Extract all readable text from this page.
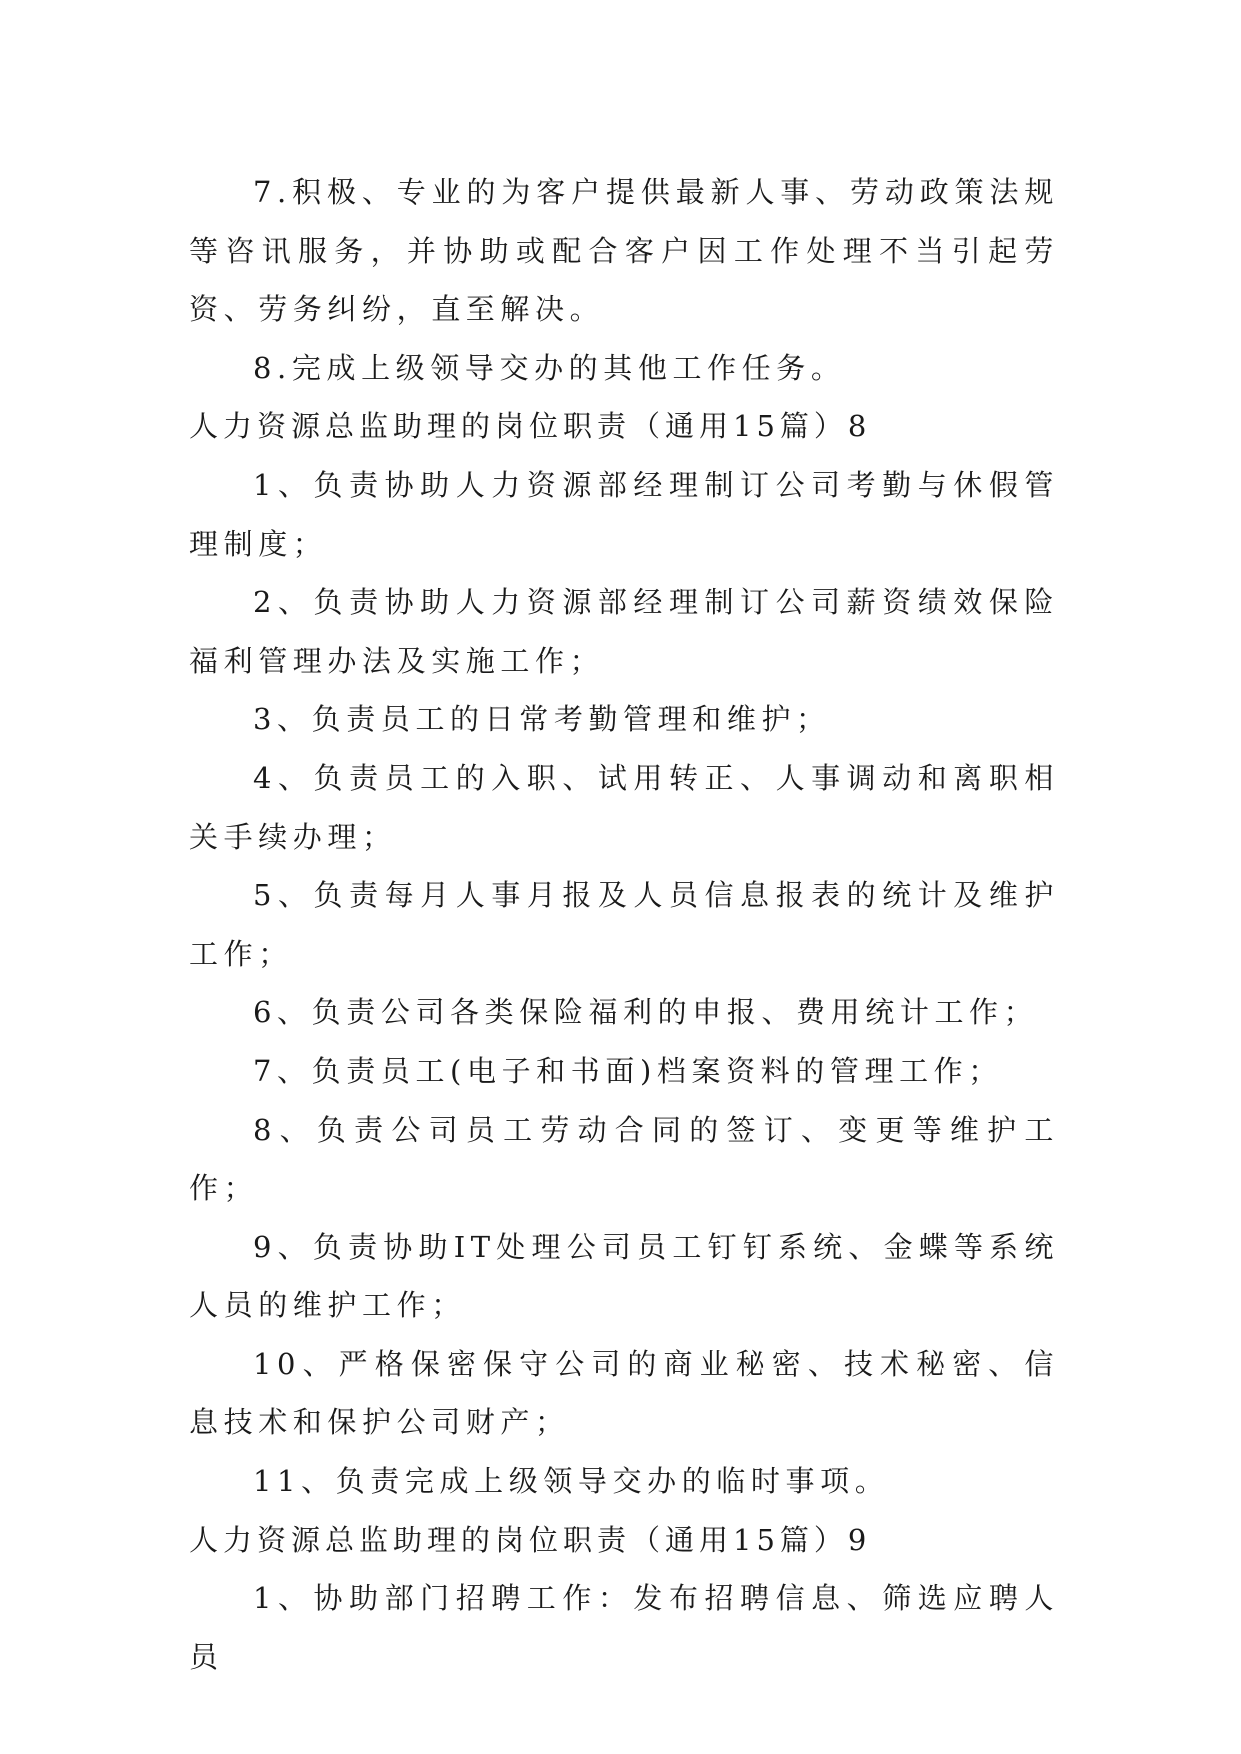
7.积极、专业的为客户提供最新人事、劳动政策法规等咨讯服务，并协助或配合客户因工作处理不当引起劳资、劳务纠纷，直至解决。

8.完成上级领导交办的其他工作任务。

人力资源总监助理的岗位职责（通用15篇）8

1、负责协助人力资源部经理制订公司考勤与休假管理制度；

2、负责协助人力资源部经理制订公司薪资绩效保险福利管理办法及实施工作；

3、负责员工的日常考勤管理和维护；

4、负责员工的入职、试用转正、人事调动和离职相关手续办理；

5、负责每月人事月报及人员信息报表的统计及维护工作；

6、负责公司各类保险福利的申报、费用统计工作；

7、负责员工(电子和书面)档案资料的管理工作；

8、负责公司员工劳动合同的签订、变更等维护工作；

9、负责协助IT处理公司员工钉钉系统、金蝶等系统人员的维护工作；

10、严格保密保守公司的商业秘密、技术秘密、信息技术和保护公司财产；

11、负责完成上级领导交办的临时事项。

人力资源总监助理的岗位职责（通用15篇）9

1、协助部门招聘工作：发布招聘信息、筛选应聘人员
